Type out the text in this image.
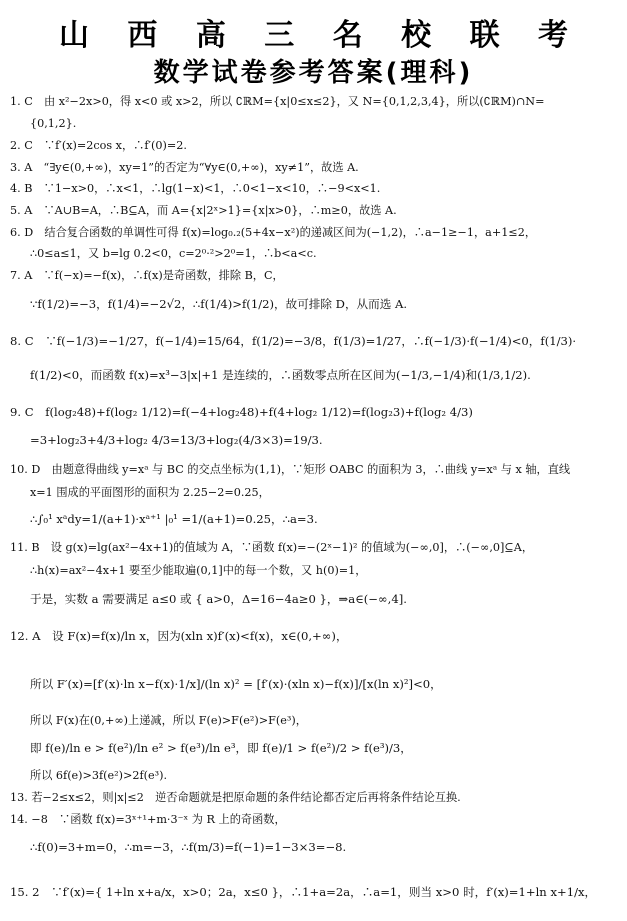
山 西 高 三 名 校 联 考
数学试卷参考答案(理科)
1. C　由 x²−2x>0，得 x<0 或 x>2，所以 ∁ℝM={x|0≤x≤2}，又 N={0,1,2,3,4}，所以(∁ℝM)∩N=
{0,1,2}.
2. C　∵f′(x)=2cos x，∴f′(0)=2.
3. A　“∃y∈(0,+∞)，xy=1”的否定为“∀y∈(0,+∞)，xy≠1”，故选 A.
4. B　∵1−x>0，∴x<1，∴lg(1−x)<1，∴0<1−x<10，∴−9<x<1.
5. A　∵A∪B=A，∴B⊆A，而 A={x|2ˣ>1}={x|x>0}，∴m≥0，故选 A.
6. D　结合复合函数的单调性可得 f(x)=log₀.₂(5+4x−x²)的递减区间为(−1,2)，∴a−1≥−1，a+1≤2，
∴0≤a≤1，又 b=lg 0.2<0，c=2⁰·²>2⁰=1，∴b<a<c.
7. A　∵f(−x)=−f(x)，∴f(x)是奇函数，排除 B，C，
∵f(1/2)=−3，f(1/4)=−2√2，∴f(1/4)>f(1/2)，故可排除 D，从而选 A.
8. C　∵f(−1/3)=−1/27，f(−1/4)=15/64，f(1/2)=−3/8，f(1/3)=1/27，∴f(−1/3)·f(−1/4)<0，f(1/3)·
f(1/2)<0，而函数 f(x)=x³−3|x|+1 是连续的，∴函数零点所在区间为(−1/3,−1/4)和(1/3,1/2).
9. C　f(log₂48)+f(log₂ 1/12)=f(−4+log₂48)+f(4+log₂ 1/12)=f(log₂3)+f(log₂ 4/3)
=3+log₂3+4/3+log₂ 4/3=13/3+log₂(4/3×3)=19/3.
10. D　由题意得曲线 y=xᵃ 与 BC 的交点坐标为(1,1)，∵矩形 OABC 的面积为 3，∴曲线 y=xᵃ 与 x 轴，直线
x=1 围成的平面图形的面积为 2.25−2=0.25，
∴∫₀¹ xᵃdy=1/(a+1)·xᵃ⁺¹ |₀¹ =1/(a+1)=0.25，∴a=3.
11. B　设 g(x)=lg(ax²−4x+1)的值域为 A，∵函数 f(x)=−(2ˣ−1)² 的值域为(−∞,0]，∴(−∞,0]⊆A，
∴h(x)=ax²−4x+1 要至少能取遍(0,1]中的每一个数，又 h(0)=1，
于是，实数 a 需要满足 a≤0 或 { a>0，Δ=16−4a≥0 }，⇒a∈(−∞,4].
12. A　设 F(x)=f(x)/ln x，因为(xln x)f′(x)<f(x)，x∈(0,+∞)，
所以 F′(x)=[f′(x)·ln x−f(x)·1/x]/(ln x)² = [f′(x)·(xln x)−f(x)]/[x(ln x)²]<0，
所以 F(x)在(0,+∞)上递减，所以 F(e)>F(e²)>F(e³)，
即 f(e)/ln e > f(e²)/ln e² > f(e³)/ln e³，即 f(e)/1 > f(e²)/2 > f(e³)/3，
所以 6f(e)>3f(e²)>2f(e³).
13. 若−2≤x≤2，则|x|≤2　逆否命题就是把原命题的条件结论都否定后再将条件结论互换.
14. −8　∵函数 f(x)=3ˣ⁺¹+m·3⁻ˣ 为 R 上的奇函数，
∴f(0)=3+m=0，∴m=−3，∴f(m/3)=f(−1)=1−3×3=−8.
15. 2　∵f′(x)={ 1+ln x+a/x，x>0；2a，x≤0 }，∴1+a=2a，∴a=1，则当 x>0 时，f′(x)=1+ln x+1/x，
